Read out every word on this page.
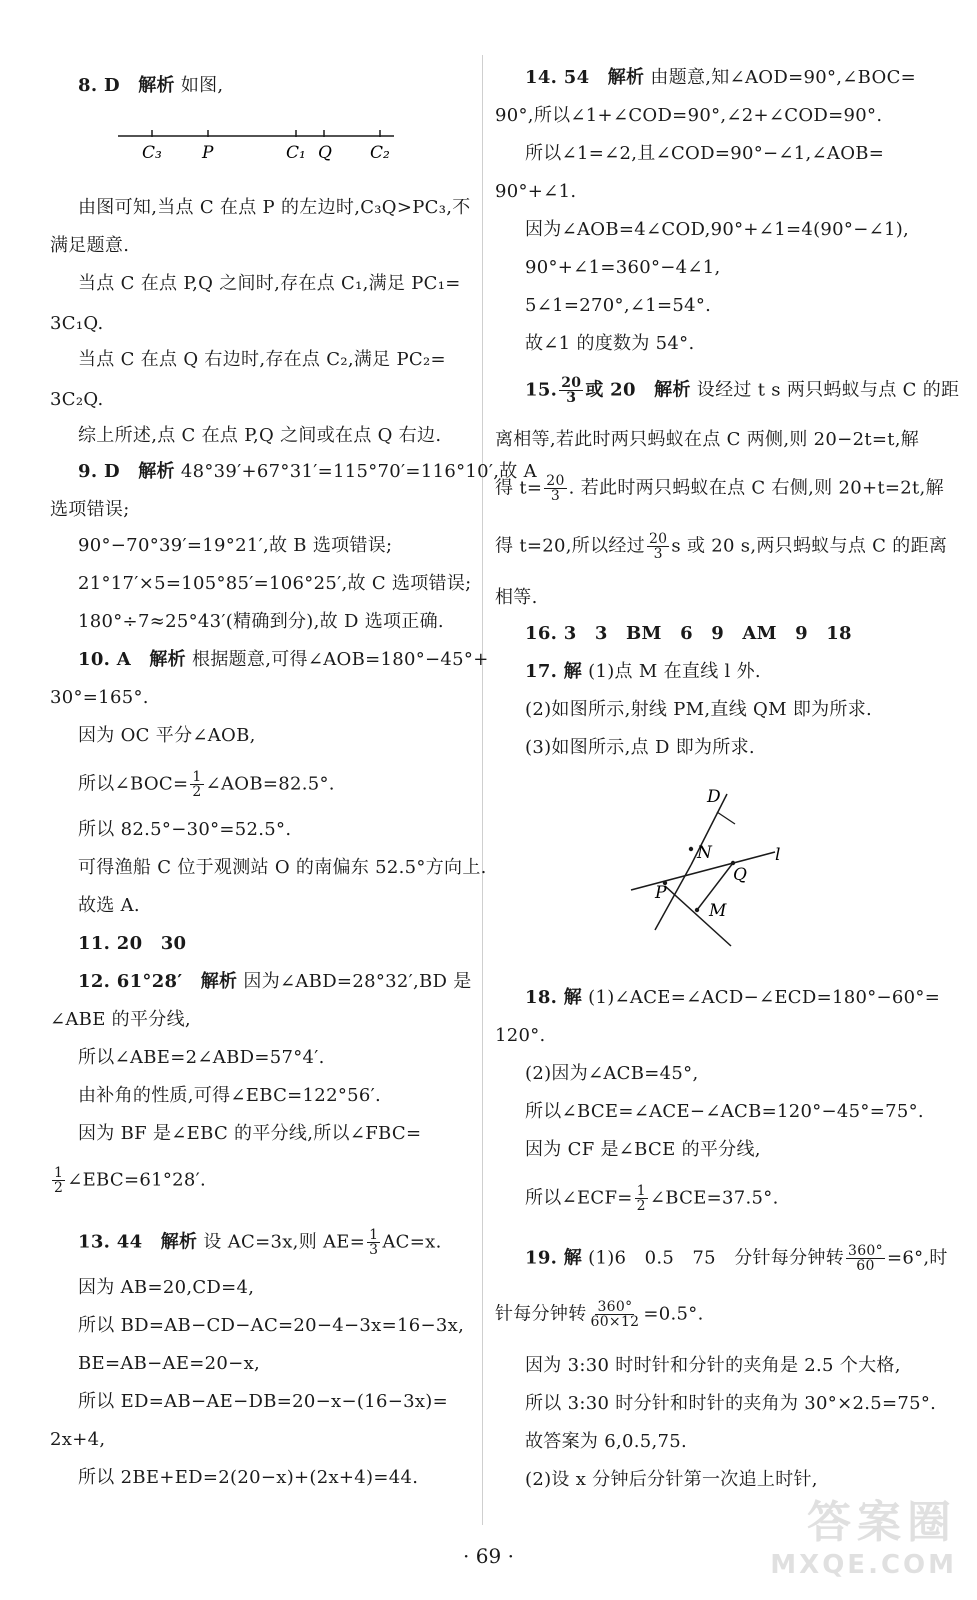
8. D　 解析 如图,
C₃ P	C₁ Q C₂
由图可知,当点 C 在点 P 的左边时,C₃Q>PC₃,不
满足题意.
当点 C 在点 P,Q 之间时,存在点 C₁,满足 PC₁=
3C₁Q.
当点 C 在点 Q 右边时,存在点 C₂,满足 PC₂=
3C₂Q.
综上所述,点 C 在点 P,Q 之间或在点 Q 右边.
9. D　 解析 48°39′+67°31′=115°70′=116°10′,故 A
选项错误;
90°−70°39′=19°21′,故 B 选项错误;
21°17′×5=105°85′=106°25′,故 C 选项错误;
180°÷7≈25°43′(精确到分),故 D 选项正确.
10. A　 解析 根据题意,可得∠AOB=180°−45°+
30°=165°.
因为 OC 平分∠AOB,
所以∠BOC= $\frac{1}{2}$ ∠AOB=82.5°.
所以 82.5°−30°=52.5°.
可得渔船 C 位于观测站 O 的南偏东 52.5°方向上.
故选 A.
11. 20　30
12. 61°28′　 解析 因为∠ABD=28°32′,BD 是
∠ABE 的平分线,
所以∠ABE=2∠ABD=57°4′.
由补角的性质,可得∠EBC=122°56′.
因为 BF 是∠EBC 的平分线,所以∠FBC=
$\frac{1}{2}$ ∠EBC=61°28′.
13. 44　 解析 设 AC=3x,则 $AE= \frac{1}{3} AC=x$.
因为 AB=20,CD=4,
所以 BD=AB−CD−AC=20−4−3x=16−3x,
BE=AB−AE=20−x,
所以 ED=AB−AE−DB=20−x−(16−3x)=
2x+4,
所以 2BE+ED=2(20−x)+(2x+4)=44.
14. 54　 解析 由题意,知∠AOD=90°,∠BOC=
90°,所以∠1+∠COD=90°,∠2+∠COD=90°.
所以∠1=∠2,且∠COD=90°−∠1,∠AOB=
90°+∠1.
因为∠AOB=4∠COD,90°+∠1=4(90°−∠1),
90°+∠1=360°−4∠1,
5∠1=270°,∠1=54°.
故∠1 的度数为 54°.
15. $\frac{20}{3}$ 或 20　 解析 设经过 t s 两只蚂蚁与点 C 的距
离相等,若此时两只蚂蚁在点 C 两侧,则 20−2t=t,解
得 $t= \frac{20}{3}$ . 若此时两只蚂蚁在点 C 右侧,则 20+t=2t,解
得 t=20,所以经过 $\frac{20}{3}$ s 或 20 s,两只蚂蚁与点 C 的距离
相等.
16. 3　3　BM　6　9　AM　9　18
17. 解 (1)点 M 在直线 l 外.
(2)如图所示,射线 PM,直线 QM 即为所求.
(3)如图所示,点 D 即为所求.
D
N	l
Q
P
M
18. 解 (1)∠ACE=∠ACD−∠ECD=180°−60°=
120°.
(2)因为∠ACB=45°,
所以∠BCE=∠ACE−∠ACB=120°−45°=75°.
因为 CF 是∠BCE 的平分线,
所以∠ECF= $\frac{1}{2}$ ∠BCE=37.5°.
19. 解 (1)6　0.5　75　分针每分钟转 $\frac{360^\circ}{60} =6^\circ$,时
针每分钟转 $\frac{360^\circ}{60\times 12} =0.5^\circ$.
因为 3:30 时时针和分针的夹角是 2.5 个大格,
所以 3:30 时分针和时针的夹角为 30°×2.5=75°.
故答案为 6,0.5,75.
(2)设 x 分钟后分针第一次追上时针,
· 69 ·
答案圈
MXQE.COM
